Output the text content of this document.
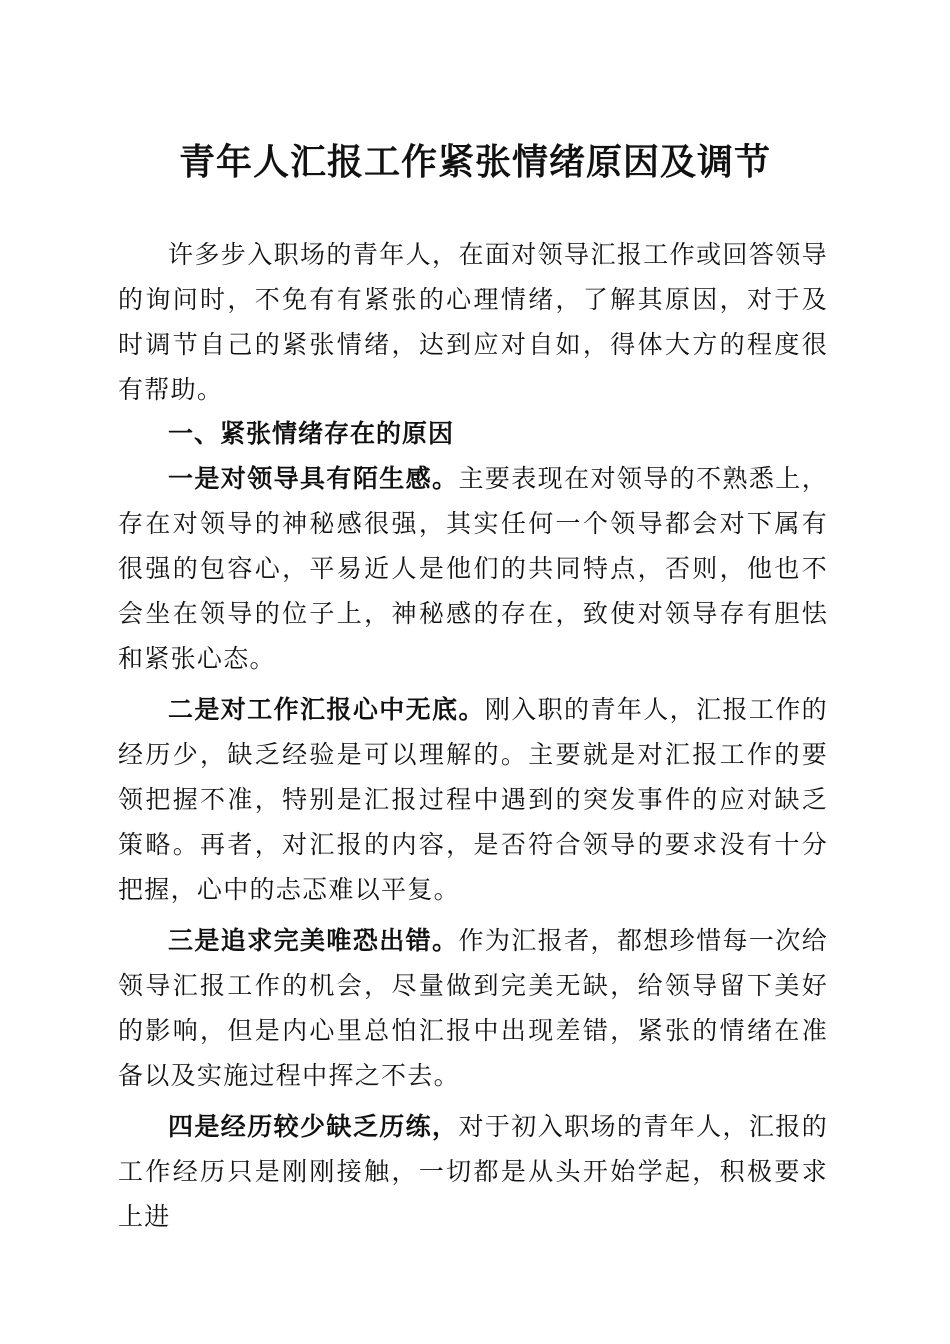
青年人汇报工作紧张情绪原因及调节

许多步入职场的青年人，在面对领导汇报工作或回答领导的询问时，不免有有紧张的心理情绪，了解其原因，对于及时调节自己的紧张情绪，达到应对自如，得体大方的程度很有帮助。

一、紧张情绪存在的原因

一是对领导具有陌生感。主要表现在对领导的不熟悉上，存在对领导的神秘感很强，其实任何一个领导都会对下属有很强的包容心，平易近人是他们的共同特点，否则，他也不会坐在领导的位子上，神秘感的存在，致使对领导存有胆怯和紧张心态。

二是对工作汇报心中无底。刚入职的青年人，汇报工作的经历少，缺乏经验是可以理解的。主要就是对汇报工作的要领把握不准，特别是汇报过程中遇到的突发事件的应对缺乏策略。再者，对汇报的内容，是否符合领导的要求没有十分把握，心中的忐忑难以平复。

三是追求完美唯恐出错。作为汇报者，都想珍惜每一次给领导汇报工作的机会，尽量做到完美无缺，给领导留下美好的影响，但是内心里总怕汇报中出现差错，紧张的情绪在准备以及实施过程中挥之不去。

四是经历较少缺乏历练，对于初入职场的青年人，汇报的工作经历只是刚刚接触，一切都是从头开始学起，积极要求上进
